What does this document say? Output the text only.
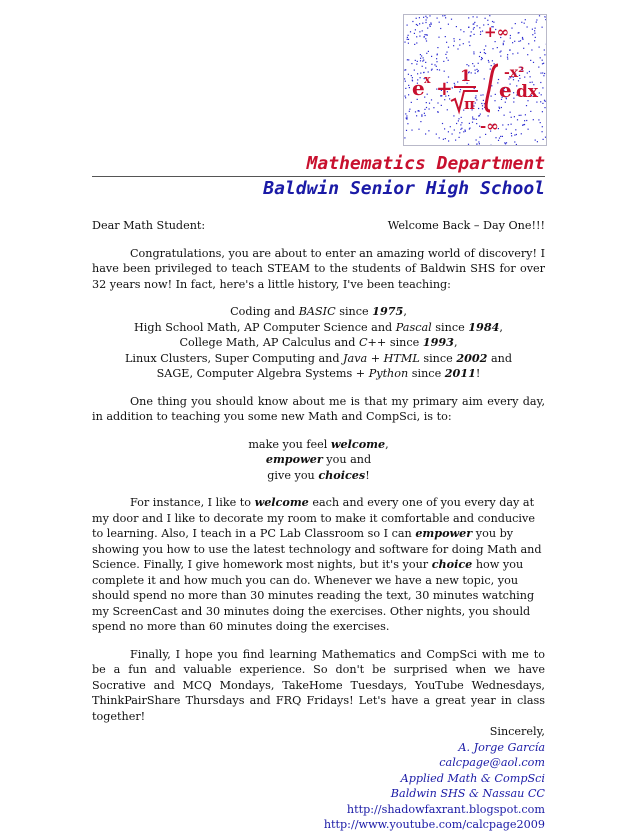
+∞
e x +
1
π
e
-x²
dx
-∞
Mathematics Department
Baldwin Senior High School
Dear Math Student:	Welcome Back – Day One!!!

Congratulations, you are about to enter an amazing world of discovery! I have been privileged to teach STEAM to the students of Baldwin SHS for over 32 years now! In fact, here's a little history, I've been teaching:

Coding and BASIC since 1975,
High School Math, AP Computer Science and Pascal since 1984,
College Math, AP Calculus and C++ since 1993,
Linux Clusters, Super Computing and Java + HTML since 2002 and
SAGE, Computer Algebra Systems + Python since 2011!

One thing you should know about me is that my primary aim every day, in addition to teaching you some new Math and CompSci, is to:

make you feel welcome,
empower you and
give you choices!

For instance, I like to welcome each and every one of you every day at my door and I like to decorate my room to make it comfortable and conducive to learning. Also, I teach in a PC Lab Classroom so I can empower you by showing you how to use the latest technology and software for doing Math and Science. Finally, I give homework most nights, but it's your choice how you complete it and how much you can do. Whenever we have a new topic, you should spend no more than 30 minutes reading the text, 30 minutes watching my ScreenCast and 30 minutes doing the exercises. Other nights, you should spend no more than 60 minutes doing the exercises.

Finally, I hope you find learning Mathematics and CompSci with me to be a fun and valuable experience. So don't be surprised when we have Socrative and MCQ Mondays, TakeHome Tuesdays, YouTube Wednesdays, ThinkPairShare Thursdays and FRQ Fridays! Let's have a great year in class together!

Sincerely,
A. Jorge García
calcpage@aol.com
Applied Math & CompSci
Baldwin SHS & Nassau CC
http://shadowfaxrant.blogspot.com
http://www.youtube.com/calcpage2009
